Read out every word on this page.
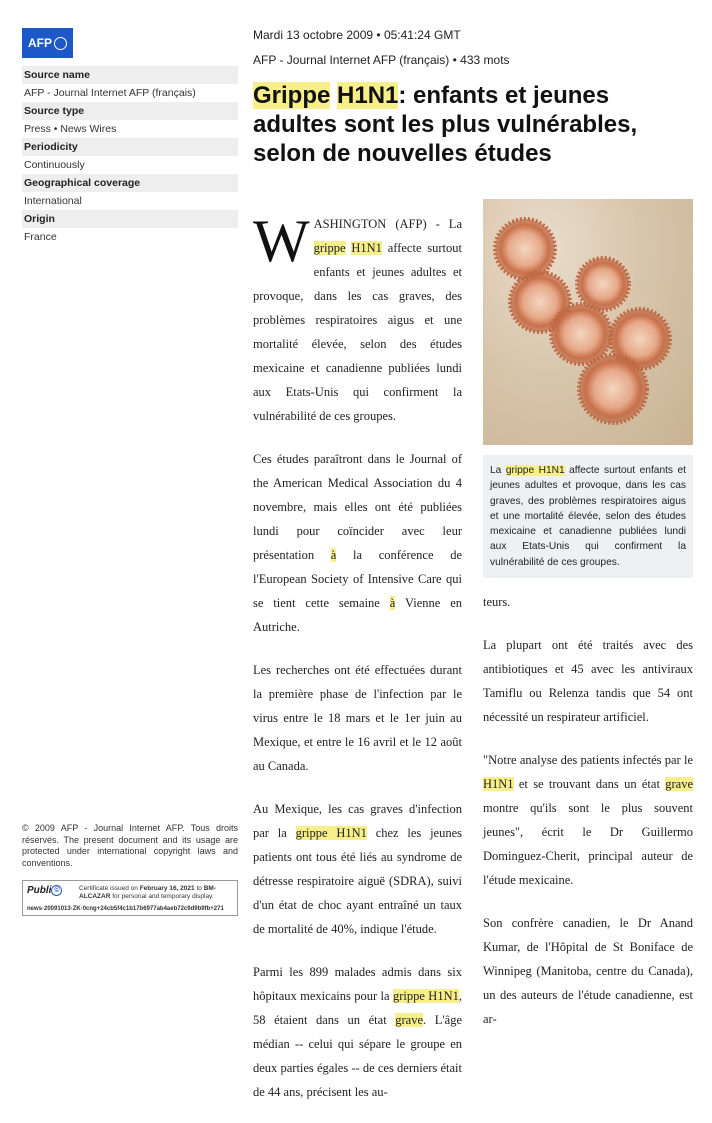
AFP
Source name
AFP - Journal Internet AFP (français)
Source type
Press • News Wires
Periodicity
Continuously
Geographical coverage
International
Origin
France
© 2009 AFP - Journal Internet AFP. Tous droits réservés. The present document and its usage are protected under international copyright laws and conventions.
Publi ©	Certificate issued on February 16, 2021 to BM-ALCAZAR for personal and temporary display.
news·20091013·ZK·0cng+24cb5f4c1b17b6977ab4aeb72c9d9b9fb+271
Mardi 13 octobre 2009 • 05:41:24 GMT
AFP - Journal Internet AFP (français) • 433 mots
Grippe H1N1: enfants et jeunes adultes sont les plus vulnérables, selon de nouvelles études

WASHINGTON (AFP) - La grippe H1N1 affecte surtout enfants et jeunes adultes et provoque, dans les cas graves, des problèmes respiratoires aigus et une mortalité élevée, selon des études mexicaine et canadienne publiées lundi aux Etats-Unis qui confirment la vulnérabilité de ces groupes.

Ces études paraîtront dans le Journal of the American Medical Association du 4 novembre, mais elles ont été publiées lundi pour coïncider avec leur présentation à la conférence de l'European Society of Intensive Care qui se tient cette semaine à Vienne en Autriche.

Les recherches ont été effectuées durant la première phase de l'infection par le virus entre le 18 mars et le 1er juin au Mexique, et entre le 16 avril et le 12 août au Canada.

Au Mexique, les cas graves d'infection par la grippe H1N1 chez les jeunes patients ont tous été liés au syndrome de détresse respiratoire aiguë (SDRA), suivi d'un état de choc ayant entraîné un taux de mortalité de 40%, indique l'étude.

Parmi les 899 malades admis dans six hôpitaux mexicains pour la grippe H1N1, 58 étaient dans un état grave. L'âge médian -- celui qui sépare le groupe en deux parties égales -- de ces derniers était de 44 ans, précisent les au-

La grippe H1N1 affecte surtout enfants et jeunes adultes et provoque, dans les cas graves, des problèmes respiratoires aigus et une mortalité élevée, selon des études mexicaine et canadienne publiées lundi aux Etats-Unis qui confirment la vulnérabilité de ces groupes.

teurs.

La plupart ont été traités avec des antibiotiques et 45 avec les antiviraux Tamiflu ou Relenza tandis que 54 ont nécessité un respirateur artificiel.

"Notre analyse des patients infectés par le H1N1 et se trouvant dans un état grave montre qu'ils sont le plus souvent jeunes", écrit le Dr Guillermo Dominguez-Cherit, principal auteur de l'étude mexicaine.

Son confrère canadien, le Dr Anand Kumar, de l'Hôpital de St Boniface de Winnipeg (Manitoba, centre du Canada), un des auteurs de l'étude canadienne, est ar-
